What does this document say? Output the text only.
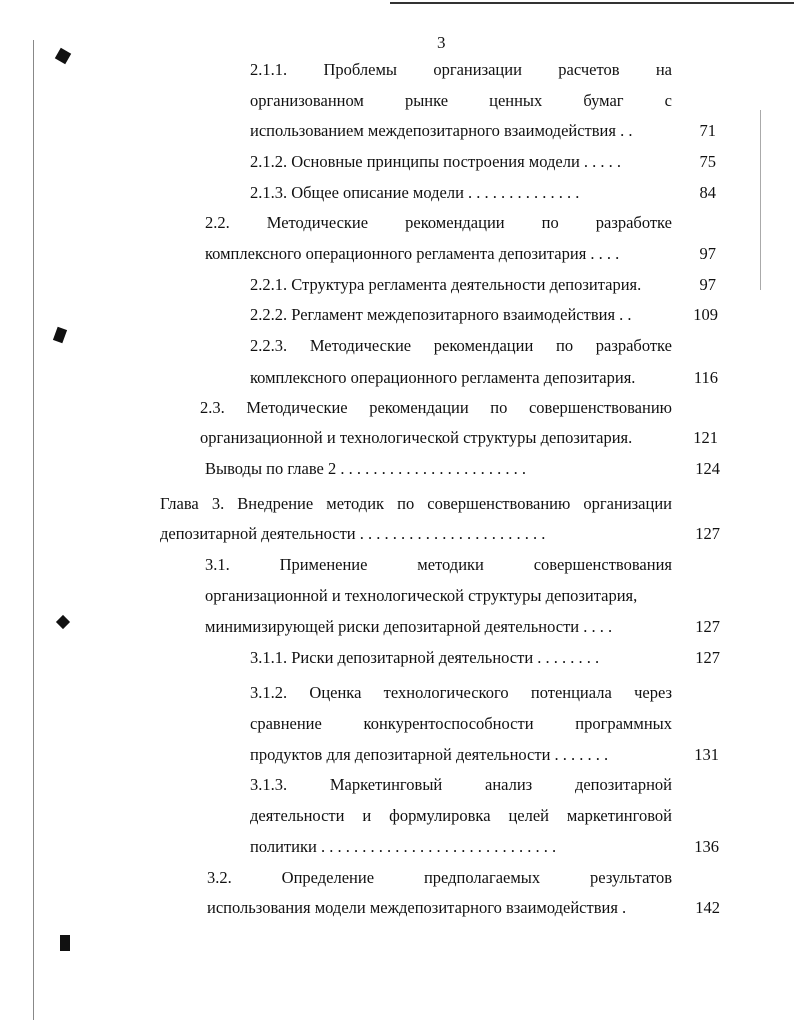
3
2.1.1. Проблемы организации расчетов на
организованном рынке ценных бумаг с
использованием междепозитарного взаимодействия . .	71
2.1.2. Основные принципы построения модели . . . . .	75
2.1.3. Общее описание модели . . . . . . . . . . . . . .	84
2.2. Методические рекомендации по разработке
комплексного операционного регламента депозитария . . . .	97
2.2.1. Структура регламента деятельности депозитария.	97
2.2.2. Регламент междепозитарного взаимодействия . .	109
2.2.3. Методические рекомендации по разработке
комплексного операционного регламента депозитария.	116
2.3. Методические рекомендации по совершенствованию
организационной и технологической структуры депозитария.	121
Выводы по главе 2 . . . . . . . . . . . . . . . . . . . . . . .	124
Глава 3. Внедрение методик по совершенствованию организации
депозитарной деятельности . . . . . . . . . . . . . . . . . . . . . . .	127
3.1. Применение методики совершенствования
организационной и технологической структуры депозитария,
минимизирующей риски депозитарной деятельности . . . .	127
3.1.1. Риски депозитарной деятельности . . . . . . . .	127
3.1.2. Оценка технологического потенциала через
сравнение конкурентоспособности программных
продуктов для депозитарной деятельности . . . . . . .	131
3.1.3. Маркетинговый анализ депозитарной
деятельности и формулировка целей маркетинговой
политики . . . . . . . . . . . . . . . . . . . . . . . . . . . . .	136
3.2. Определение предполагаемых результатов
использования модели междепозитарного взаимодействия .	142
